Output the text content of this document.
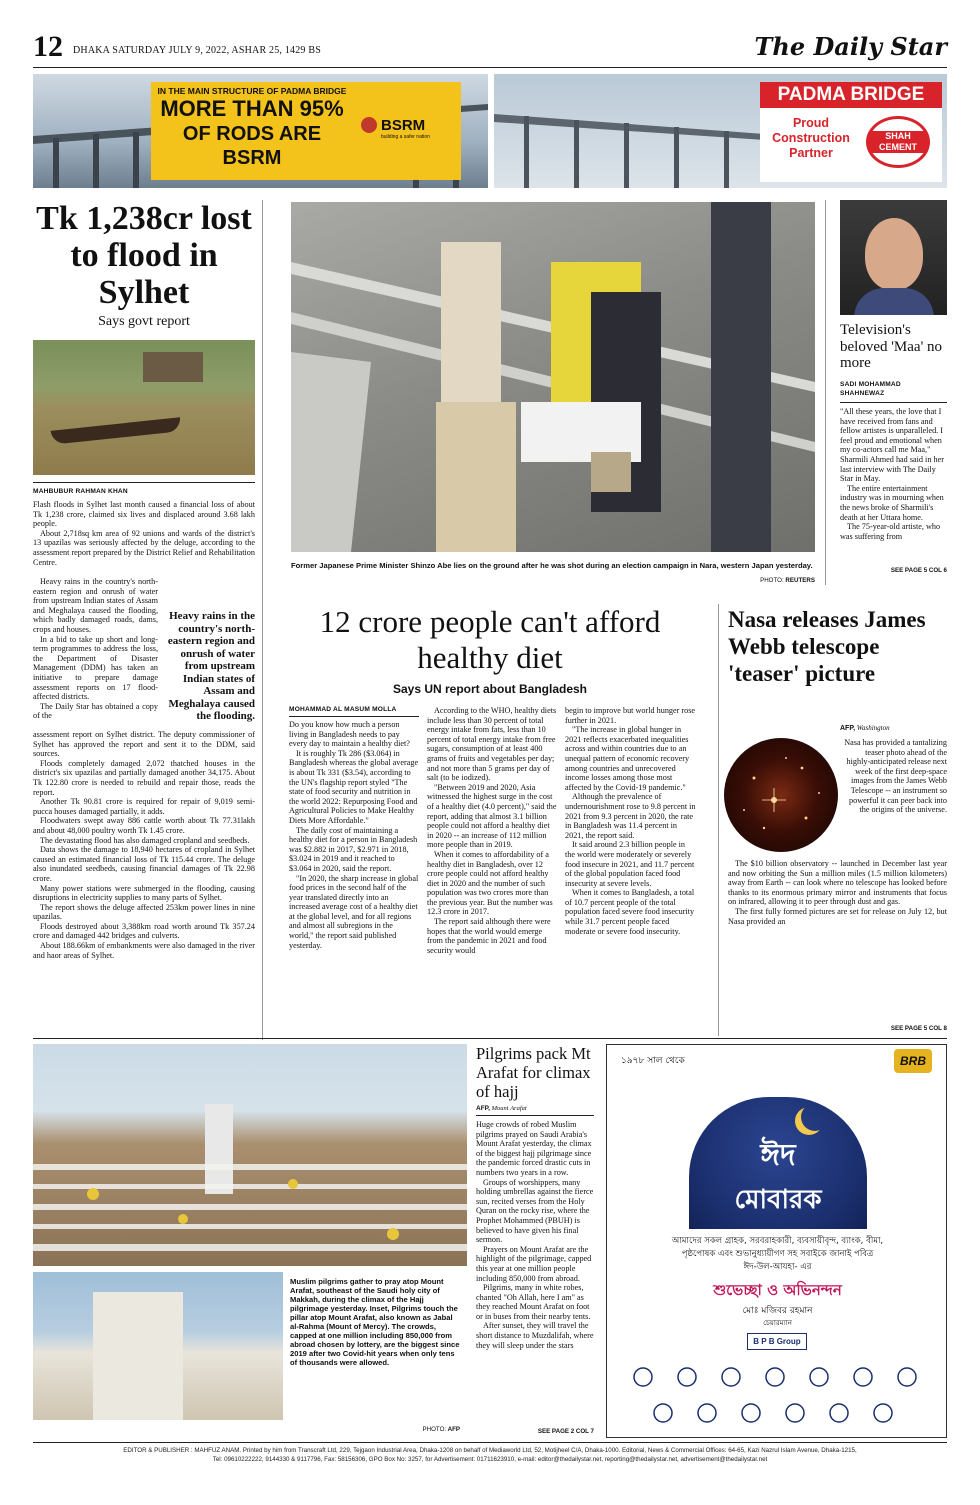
12 DHAKA SATURDAY JULY 9, 2022, ASHAR 25, 1429 BS	The Daily Star
IN THE MAIN STRUCTURE OF PADMA BRIDGE
MORE THAN 95%
OF RODS ARE BSRM
BSRM
building a safer nation
PADMA BRIDGE
Proud
Construction
Partner
SHAH
CEMENT
Tk 1,238cr lost to flood in Sylhet
Says govt report
MAHBUBUR RAHMAN KHAN

Flash floods in Sylhet last month caused a financial loss of about Tk 1,238 crore, claimed six lives and displaced around 3.68 lakh people.

About 2,718sq km area of 92 unions and wards of the district's 13 upazilas was seriously affected by the deluge, according to the assessment report prepared by the District Relief and Rehabilitation Centre.

Heavy rains in the country's north-eastern region and onrush of water from upstream Indian states of Assam and Meghalaya caused the flooding, which badly damaged roads, dams, crops and houses.

In a bid to take up short and long-term programmes to address the loss, the Department of Disaster Management (DDM) has taken an initiative to prepare damage assessment reports on 17 flood-affected districts.

The Daily Star has obtained a copy of the

Heavy rains in the country's north-eastern region and onrush of water from upstream Indian states of Assam and Meghalaya caused the flooding.

assessment report on Sylhet district. The deputy commissioner of Sylhet has approved the report and sent it to the DDM, said sources.

Floods completely damaged 2,072 thatched houses in the district's six upazilas and partially damaged another 34,175. About Tk 122.80 crore is needed to rebuild and repair those, reads the report.

Another Tk 90.81 crore is required for repair of 9,019 semi-pucca houses damaged partially, it adds.

Floodwaters swept away 886 cattle worth about Tk 77.31lakh and about 48,000 poultry worth Tk 1.45 crore.

The devastating flood has also damaged cropland and seedbeds.

Data shows the damage to 18,940 hectares of cropland in Sylhet caused an estimated financial loss of Tk 115.44 crore. The deluge also inundated seedbeds, causing financial damages of Tk 22.98 crore.

Many power stations were submerged in the flooding, causing disruptions in electricity supplies to many parts of Sylhet.

The report shows the deluge affected 253km power lines in nine upazilas.

Floods destroyed about 3,388km road worth around Tk 357.24 crore and damaged 442 bridges and culverts.

About 188.66km of embankments were also damaged in the river and haor areas of Sylhet.

Former Japanese Prime Minister Shinzo Abe lies on the ground after he was shot during an election campaign in Nara, western Japan yesterday.
PHOTO: REUTERS
Television's beloved 'Maa' no more
SADI MOHAMMAD SHAHNEWAZ

"All these years, the love that I have received from fans and fellow artistes is unparalleled. I feel proud and emotional when my co-actors call me Maa," Sharmili Ahmed had said in her last interview with The Daily Star in May.

The entire entertainment industry was in mourning when the news broke of Sharmili's death at her Uttara home.

The 75-year-old artiste, who was suffering from

SEE PAGE 5 COL 6
12 crore people can't afford healthy diet
Says UN report about Bangladesh
MOHAMMAD AL MASUM MOLLA

Do you know how much a person living in Bangladesh needs to pay every day to maintain a healthy diet?

It is roughly Tk 286 ($3.064) in Bangladesh whereas the global average is about Tk 331 ($3.54), according to the UN's flagship report styled "The state of food security and nutrition in the world 2022: Repurposing Food and Agricultural Policies to Make Healthy Diets More Affordable."

The daily cost of maintaining a healthy diet for a person in Bangladesh was $2.882 in 2017, $2.971 in 2018, $3.024 in 2019 and it reached to $3.064 in 2020, said the report.

"In 2020, the sharp increase in global food prices in the second half of the year translated directly into an increased average cost of a healthy diet at the global level, and for all regions and almost all subregions in the world," the report said published yesterday.

According to the WHO, healthy diets include less than 30 percent of total energy intake from fats, less than 10 percent of total energy intake from free sugars, consumption of at least 400 grams of fruits and vegetables per day; and not more than 5 grams per day of salt (to be iodized).

"Between 2019 and 2020, Asia witnessed the highest surge in the cost of a healthy diet (4.0 percent)," said the report, adding that almost 3.1 billion people could not afford a healthy diet in 2020 -- an increase of 112 million more people than in 2019.

When it comes to affordability of a healthy diet in Bangladesh, over 12 crore people could not afford healthy diet in 2020 and the number of such population was two crores more than the previous year. But the number was 12.3 crore in 2017.

The report said although there were hopes that the world would emerge from the pandemic in 2021 and food security would

begin to improve but world hunger rose further in 2021.

"The increase in global hunger in 2021 reflects exacerbated inequalities across and within countries due to an unequal pattern of economic recovery among countries and unrecovered income losses among those most affected by the Covid-19 pandemic."

Although the prevalence of undernourishment rose to 9.8 percent in 2021 from 9.3 percent in 2020, the rate in Bangladesh was 11.4 percent in 2021, the report said.

It said around 2.3 billion people in the world were moderately or severely food insecure in 2021, and 11.7 percent of the global population faced food insecurity at severe levels.

When it comes to Bangladesh, a total of 10.7 percent people of the total population faced severe food insecurity while 31.7 percent people faced moderate or severe food insecurity.

Nasa releases James Webb telescope 'teaser' picture
AFP, Washington
Nasa has provided a tantalizing teaser photo ahead of the highly-anticipated release next week of the first deep-space images from the James Webb Telescope -- an instrument so powerful it can peer back into the origins of the universe.

The $10 billion observatory -- launched in December last year and now orbiting the Sun a million miles (1.5 million kilometers) away from Earth -- can look where no telescope has looked before thanks to its enormous primary mirror and instruments that focus on infrared, allowing it to peer through dust and gas.

The first fully formed pictures are set for release on July 12, but Nasa provided an

SEE PAGE 5 COL 8
Muslim pilgrims gather to pray atop Mount Arafat, southeast of the Saudi holy city of Makkah, during the climax of the Hajj pilgrimage yesterday. Inset, Pilgrims touch the pillar atop Mount Arafat, also known as Jabal al-Rahma (Mount of Mercy). The crowds, capped at one million including 850,000 from abroad chosen by lottery, are the biggest since 2019 after two Covid-hit years when only tens of thousands were allowed.
PHOTO: AFP
Pilgrims pack Mt Arafat for climax of hajj
AFP, Mount Arafat

Huge crowds of robed Muslim pilgrims prayed on Saudi Arabia's Mount Arafat yesterday, the climax of the biggest hajj pilgrimage since the pandemic forced drastic cuts in numbers two years in a row.

Groups of worshippers, many holding umbrellas against the fierce sun, recited verses from the Holy Quran on the rocky rise, where the Prophet Mohammed (PBUH) is believed to have given his final sermon.

Prayers on Mount Arafat are the highlight of the pilgrimage, capped this year at one million people including 850,000 from abroad.

Pilgrims, many in white robes, chanted "Oh Allah, here I am" as they reached Mount Arafat on foot or in buses from their nearby tents.

After sunset, they will travel the short distance to Muzdalifah, where they will sleep under the stars

SEE PAGE 2 COL 7
১৯৭৮ সাল থেকে	BRB
ঈদ
মোবারক
আমাদের সকল গ্রাহক, সরবরাহকারী, ব্যবসায়ীবৃন্দ, ব্যাংক, বীমা,
পৃষ্ঠপোষক এবং শুভানুধ্যায়ীগণ সহ সবাইকে জানাই পবিত্র
ঈদ-উল-আযহা- এর
শুভেচ্ছা ও অভিনন্দন
মোঃ মজিবর রহমান
চেয়ারম্যান
B P B Group
EDITOR & PUBLISHER : MAHFUZ ANAM. Printed by him from Transcraft Ltd, 229, Tejgaon Industrial Area, Dhaka-1208 on behalf of Mediaworld Ltd, 52, Motijheel C/A, Dhaka-1000. Editorial, News & Commercial Offices: 64-65, Kazi Nazrul Islam Avenue, Dhaka-1215,
Tel: 09610222222, 9144330 & 9117796, Fax: 58156306, GPO Box No: 3257, for Advertisement: 01711623910, e-mail: editor@thedailystar.net, reporting@thedailystar.net, advertisement@thedailystar.net
